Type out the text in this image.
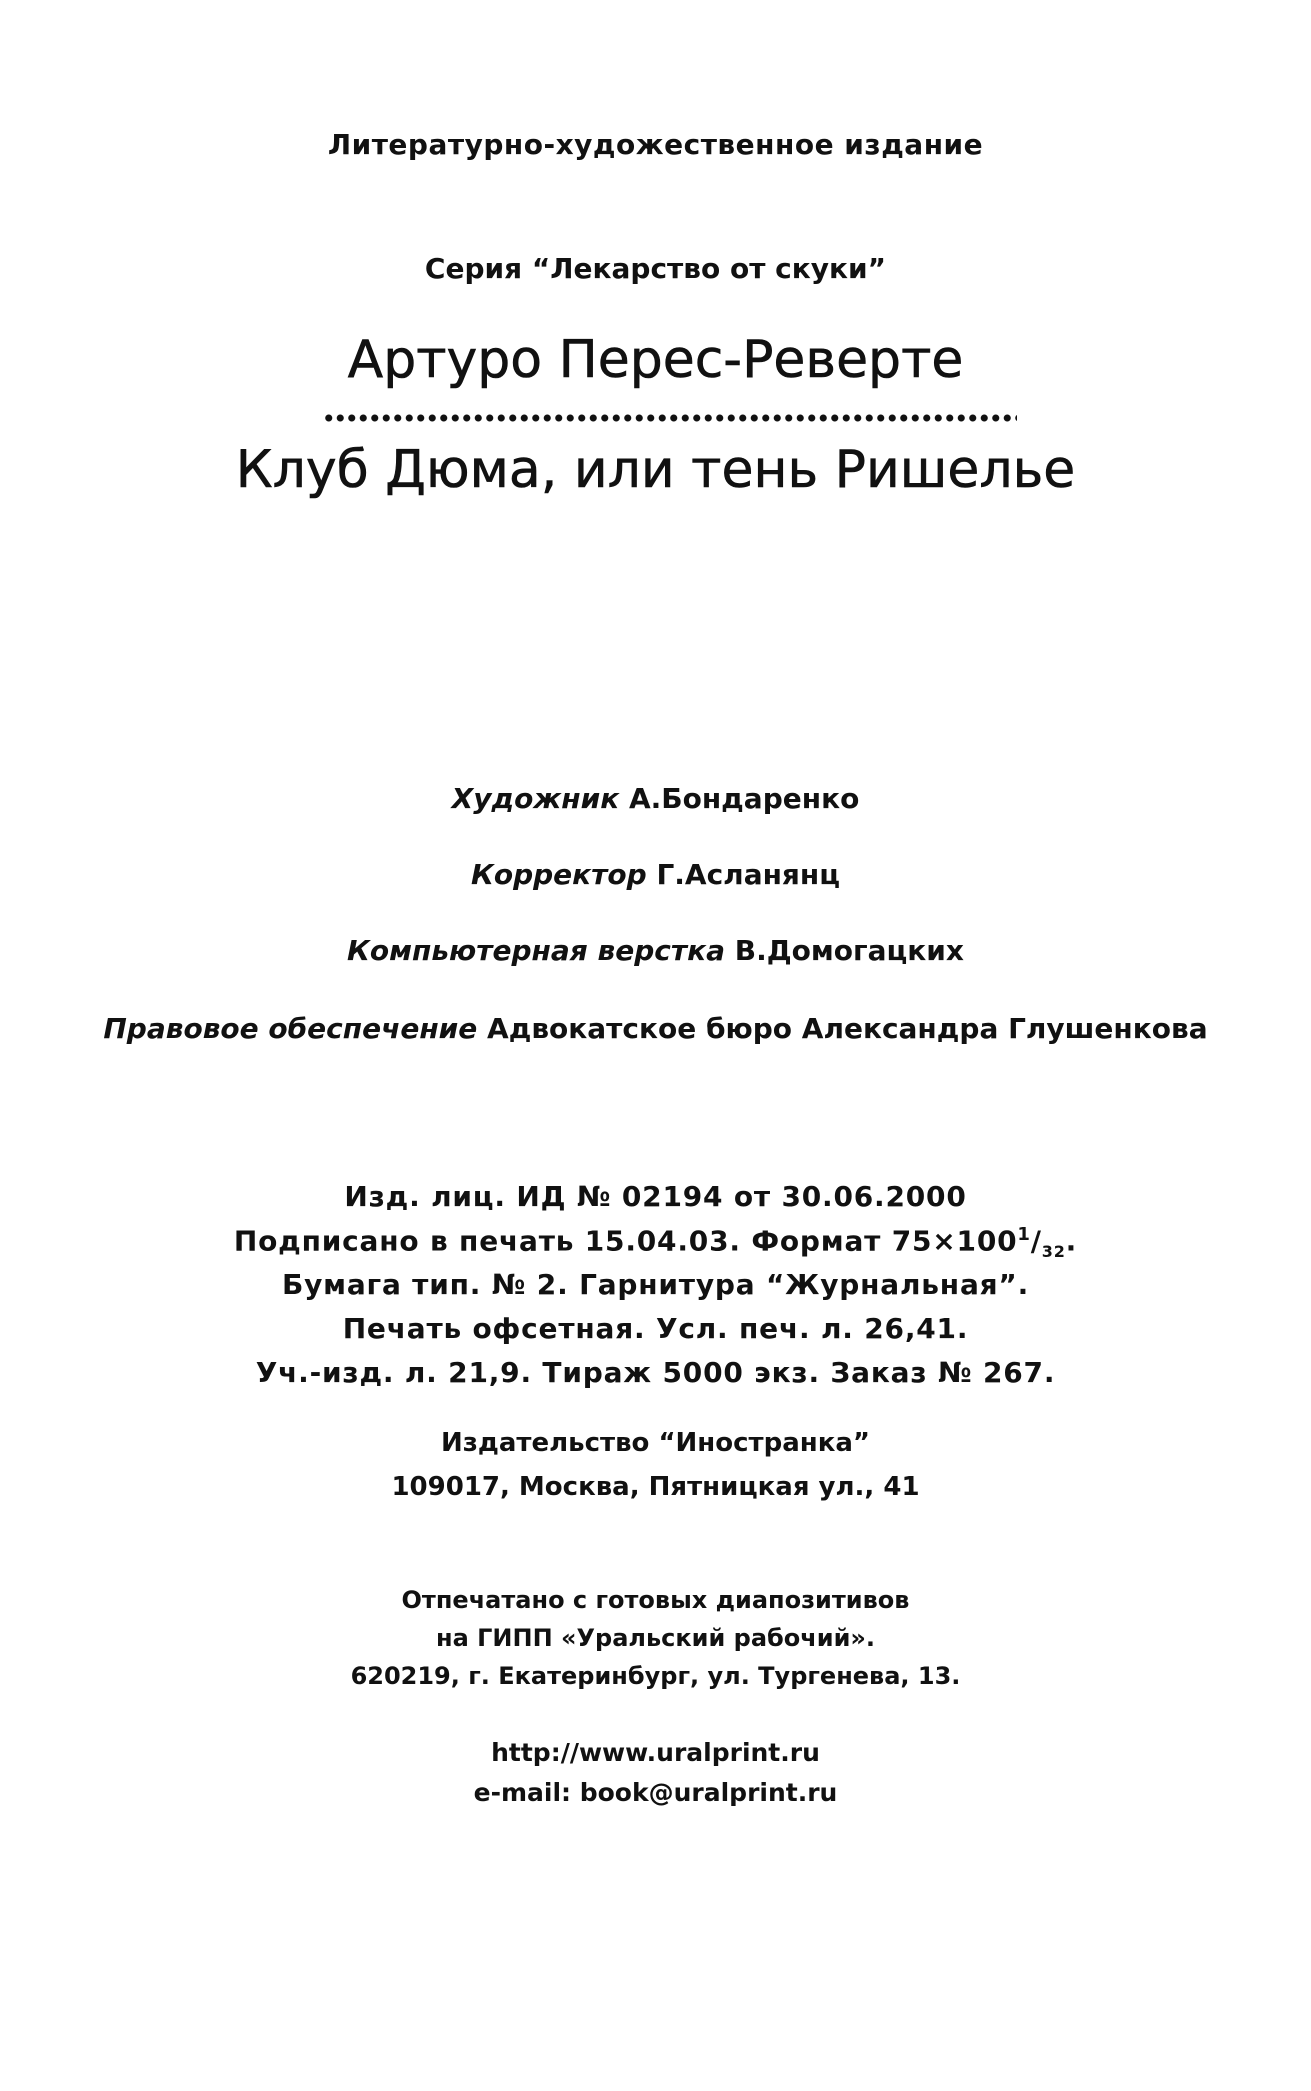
Литературно-художественное издание
Серия “Лекарство от скуки”
Артуро Перес-Реверте
Клуб Дюма, или тень Ришелье
Художник А.Бондаренко
Корректор Г.Асланянц
Компьютерная верстка В.Домогацких
Правовое обеспечение Адвокатское бюро Александра Глушенкова
Изд. лиц. ИД № 02194 от 30.06.2000
Подписано в печать 15.04.03. Формат $75\times 100^1/_{32}$.
Бумага тип. № 2. Гарнитура “Журнальная”.
Печать офсетная. Усл. печ. л. 26,41.
Уч.-изд. л. 21,9. Тираж 5000 экз. Заказ № 267.
Издательство “Иностранка”
109017, Москва, Пятницкая ул., 41
Отпечатано с готовых диапозитивов
на ГИПП «Уральский рабочий».
620219, г. Екатеринбург, ул. Тургенева, 13.
http://www.uralprint.ru
e-mail: book@uralprint.ru
